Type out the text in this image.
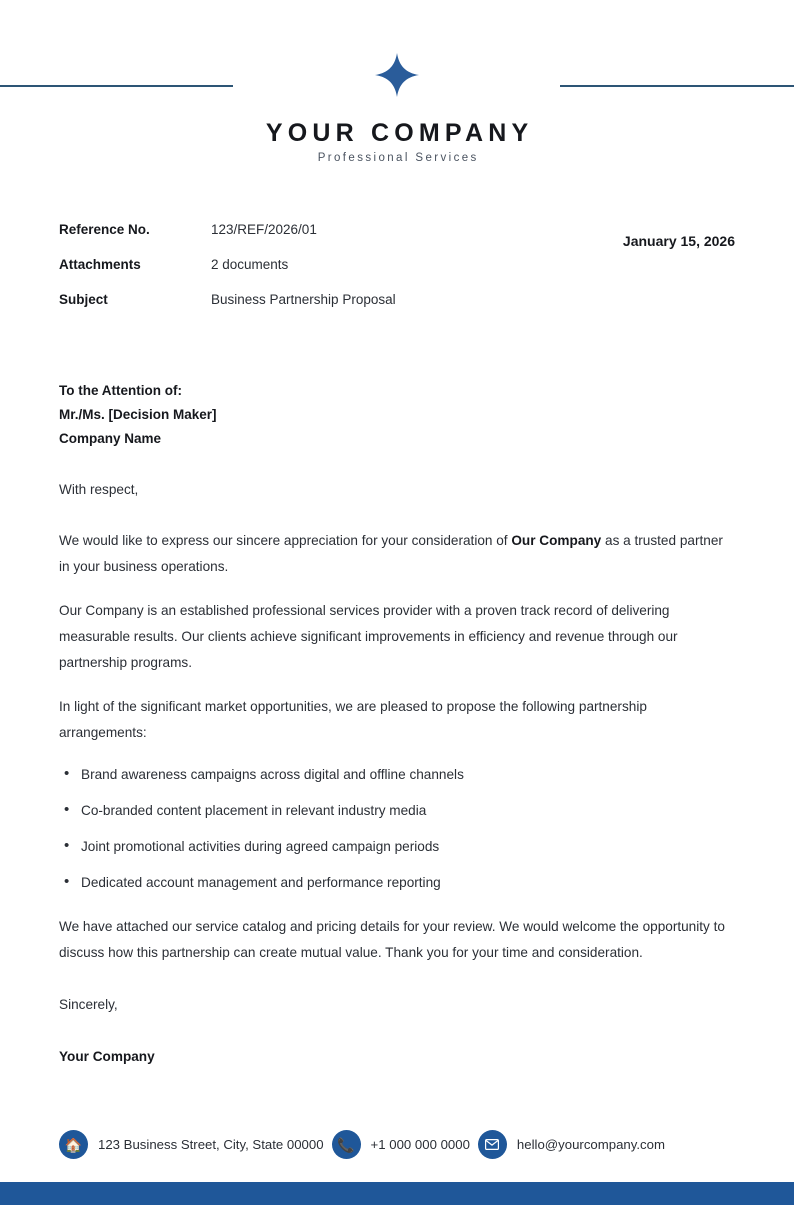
YOUR COMPANY
Professional Services
Reference No.	123/REF/2026/01
Attachments	2 documents
Subject	Business Partnership Proposal
January 15, 2026
To the Attention of:
Mr./Ms. [Decision Maker]
Company Name

With respect,

We would like to express our sincere appreciation for your consideration of Our Company as a trusted partner in your business operations.

Our Company is an established professional services provider with a proven track record of delivering measurable results. Our clients achieve significant improvements in efficiency and revenue through our partnership programs.

In light of the significant market opportunities, we are pleased to propose the following partnership arrangements:

• Brand awareness campaigns across digital and offline channels
• Co-branded content placement in relevant industry media
• Joint promotional activities during agreed campaign periods
• Dedicated account management and performance reporting

We have attached our service catalog and pricing details for your review. We would welcome the opportunity to discuss how this partnership can create mutual value. Thank you for your time and consideration.

Sincerely,

Your Company
🏠	123 Business Street, City, State 00000 📞	+1 000 000 0000	hello@yourcompany.com
